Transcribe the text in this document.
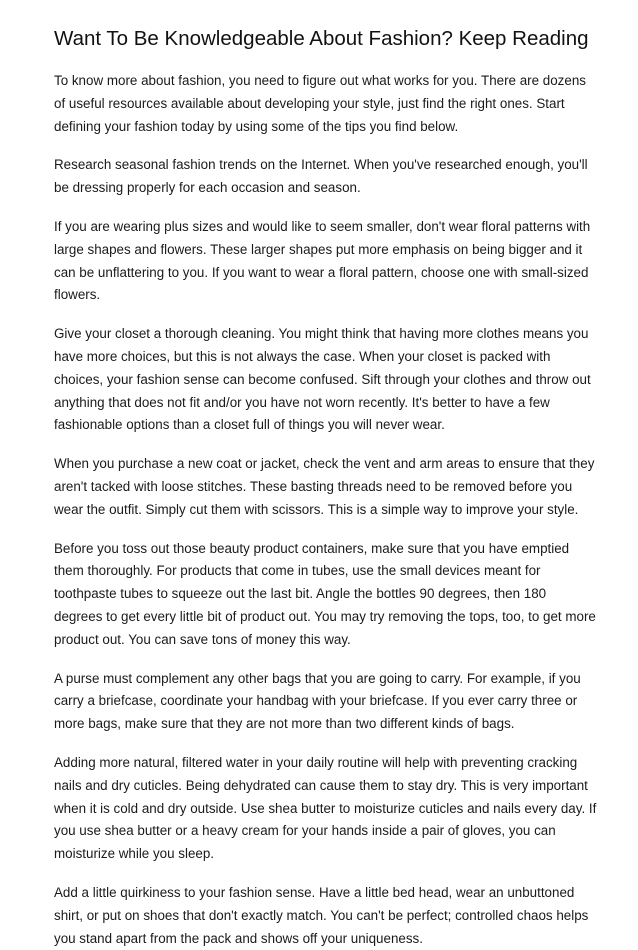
Want To Be Knowledgeable About Fashion? Keep Reading

To know more about fashion, you need to figure out what works for you. There are dozens of useful resources available about developing your style, just find the right ones. Start defining your fashion today by using some of the tips you find below.

Research seasonal fashion trends on the Internet. When you've researched enough, you'll be dressing properly for each occasion and season.

If you are wearing plus sizes and would like to seem smaller, don't wear floral patterns with large shapes and flowers. These larger shapes put more emphasis on being bigger and it can be unflattering to you. If you want to wear a floral pattern, choose one with small-sized flowers.

Give your closet a thorough cleaning. You might think that having more clothes means you have more choices, but this is not always the case. When your closet is packed with choices, your fashion sense can become confused. Sift through your clothes and throw out anything that does not fit and/or you have not worn recently. It's better to have a few fashionable options than a closet full of things you will never wear.

When you purchase a new coat or jacket, check the vent and arm areas to ensure that they aren't tacked with loose stitches. These basting threads need to be removed before you wear the outfit. Simply cut them with scissors. This is a simple way to improve your style.

Before you toss out those beauty product containers, make sure that you have emptied them thoroughly. For products that come in tubes, use the small devices meant for toothpaste tubes to squeeze out the last bit. Angle the bottles 90 degrees, then 180 degrees to get every little bit of product out. You may try removing the tops, too, to get more product out. You can save tons of money this way.

A purse must complement any other bags that you are going to carry. For example, if you carry a briefcase, coordinate your handbag with your briefcase. If you ever carry three or more bags, make sure that they are not more than two different kinds of bags.

Adding more natural, filtered water in your daily routine will help with preventing cracking nails and dry cuticles. Being dehydrated can cause them to stay dry. This is very important when it is cold and dry outside. Use shea butter to moisturize cuticles and nails every day. If you use shea butter or a heavy cream for your hands inside a pair of gloves, you can moisturize while you sleep.

Add a little quirkiness to your fashion sense. Have a little bed head, wear an unbuttoned shirt, or put on shoes that don't exactly match. You can't be perfect; controlled chaos helps you stand apart from the pack and shows off your uniqueness.
